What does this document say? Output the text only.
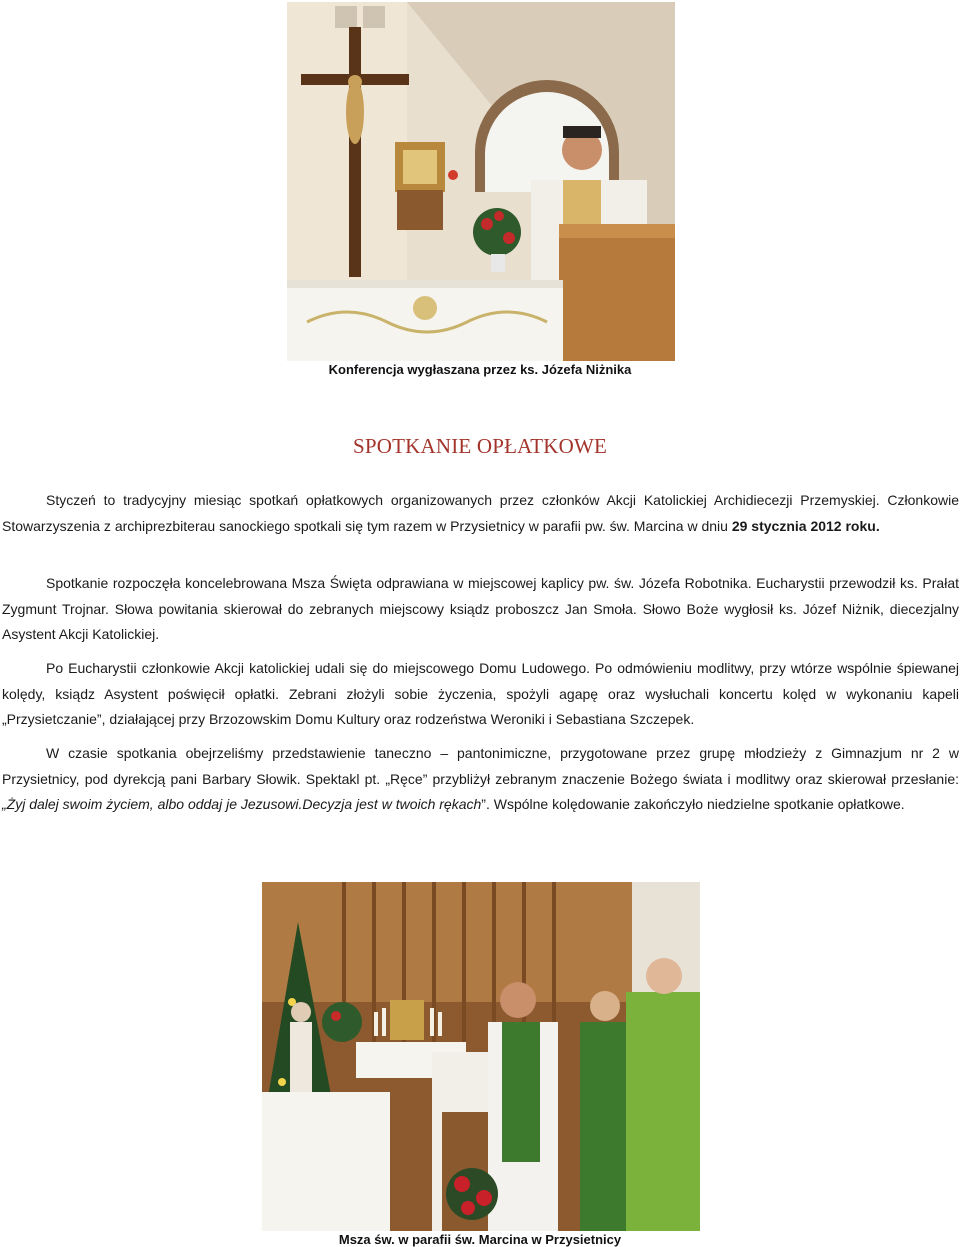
Konferencja wygłaszana przez ks. Józefa Niżnika
SPOTKANIE OPŁATKOWE
Styczeń to tradycyjny miesiąc spotkań opłatkowych organizowanych przez członków Akcji Katolickiej Archidiecezji Przemyskiej. Członkowie Stowarzyszenia z archiprezbiterau sanockiego spotkali się tym razem w Przysietnicy w parafii pw. św. Marcina w dniu 29 stycznia 2012 roku.
Spotkanie rozpoczęła koncelebrowana Msza Święta odprawiana w miejscowej kaplicy pw. św. Józefa Robotnika. Eucharystii przewodził ks. Prałat Zygmunt Trojnar. Słowa powitania skierował do zebranych miejscowy ksiądz proboszcz Jan Smoła. Słowo Boże wygłosił ks. Józef Niżnik, diecezjalny Asystent Akcji Katolickiej.
Po Eucharystii członkowie Akcji katolickiej udali się do miejscowego Domu Ludowego. Po odmówieniu modlitwy, przy wtórze wspólnie śpiewanej kolędy, ksiądz Asystent poświęcił opłatki. Zebrani złożyli sobie życzenia, spożyli agapę oraz wysłuchali koncertu kolęd w wykonaniu kapeli „Przysietczanie”, działającej przy Brzozowskim Domu Kultury oraz rodzeństwa Weroniki i Sebastiana Szczepek.
W czasie spotkania obejrzeliśmy przedstawienie taneczno – pantonimiczne, przygotowane przez grupę młodzieży z Gimnazjum nr 2 w Przysietnicy, pod dyrekcją pani Barbary Słowik. Spektakl pt. „Ręce” przybliżył zebranym znaczenie Bożego świata i modlitwy oraz skierował przesłanie: „Żyj dalej swoim życiem, albo oddaj je Jezusowi.Decyzja jest w twoich rękach”. Wspólne kolędowanie zakończyło niedzielne spotkanie opłatkowe.
Msza św. w parafii św. Marcina w Przysietnicy
